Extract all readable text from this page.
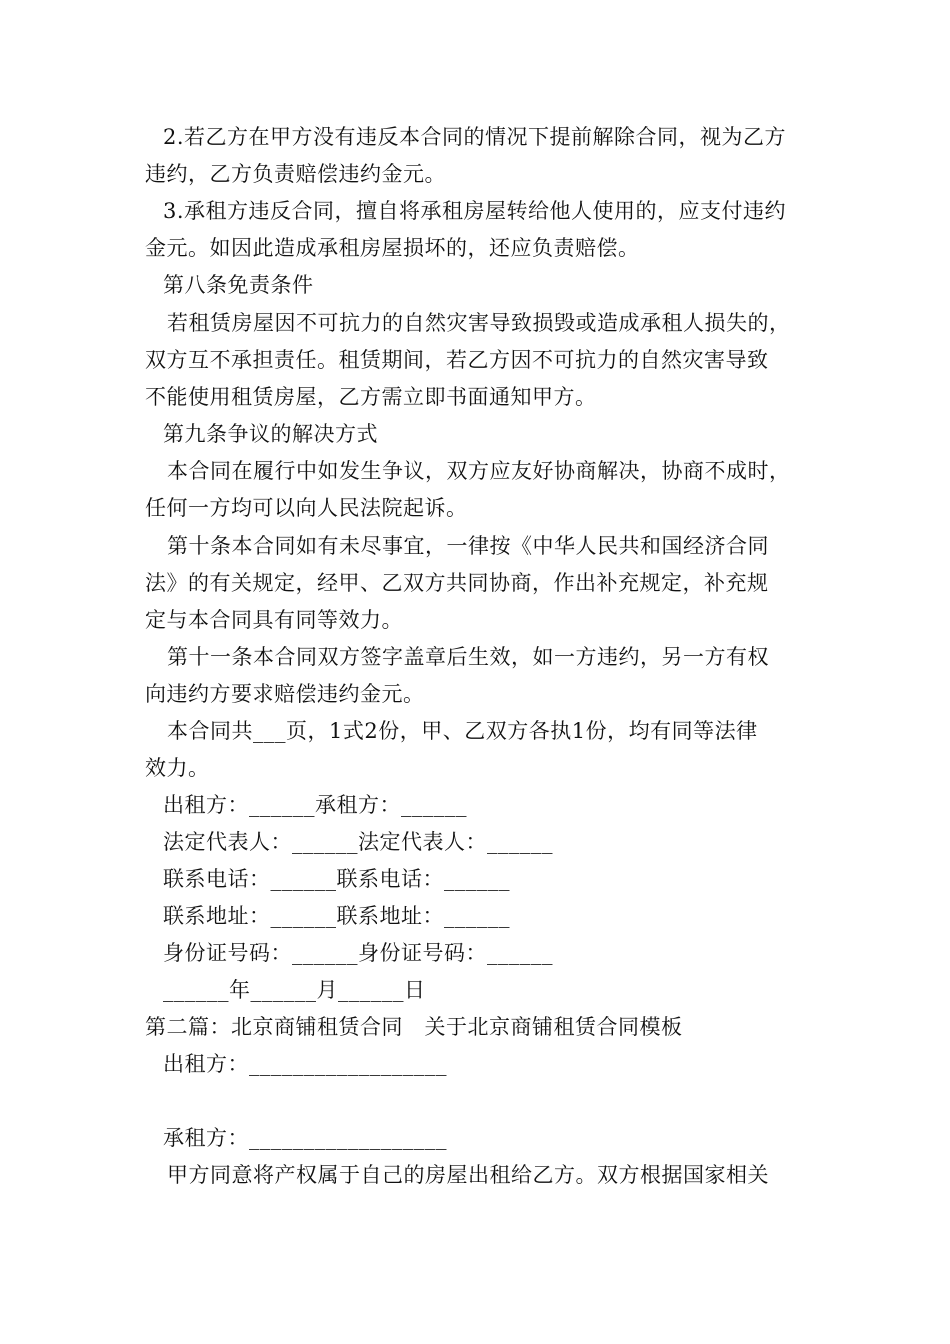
2.若乙方在甲方没有违反本合同的情况下提前解除合同，视为乙方
违约，乙方负责赔偿违约金元。
3.承租方违反合同，擅自将承租房屋转给他人使用的，应支付违约
金元。如因此造成承租房屋损坏的，还应负责赔偿。
第八条免责条件
若租赁房屋因不可抗力的自然灾害导致损毁或造成承租人损失的，
双方互不承担责任。租赁期间，若乙方因不可抗力的自然灾害导致
不能使用租赁房屋，乙方需立即书面通知甲方。
第九条争议的解决方式
本合同在履行中如发生争议，双方应友好协商解决，协商不成时，
任何一方均可以向人民法院起诉。
第十条本合同如有未尽事宜，一律按《中华人民共和国经济合同
法》的有关规定，经甲、乙双方共同协商，作出补充规定，补充规
定与本合同具有同等效力。
第十一条本合同双方签字盖章后生效，如一方违约，另一方有权
向违约方要求赔偿违约金元。
本合同共___页，1式2份，甲、乙双方各执1份，均有同等法律
效力。
出租方：______承租方：______
法定代表人：______法定代表人：______
联系电话：______联系电话：______
联系地址：______联系地址：______
身份证号码：______身份证号码：______
______年______月______日
第二篇：北京商铺租赁合同　关于北京商铺租赁合同模板
出租方：__________________
承租方：__________________
甲方同意将产权属于自己的房屋出租给乙方。双方根据国家相关
